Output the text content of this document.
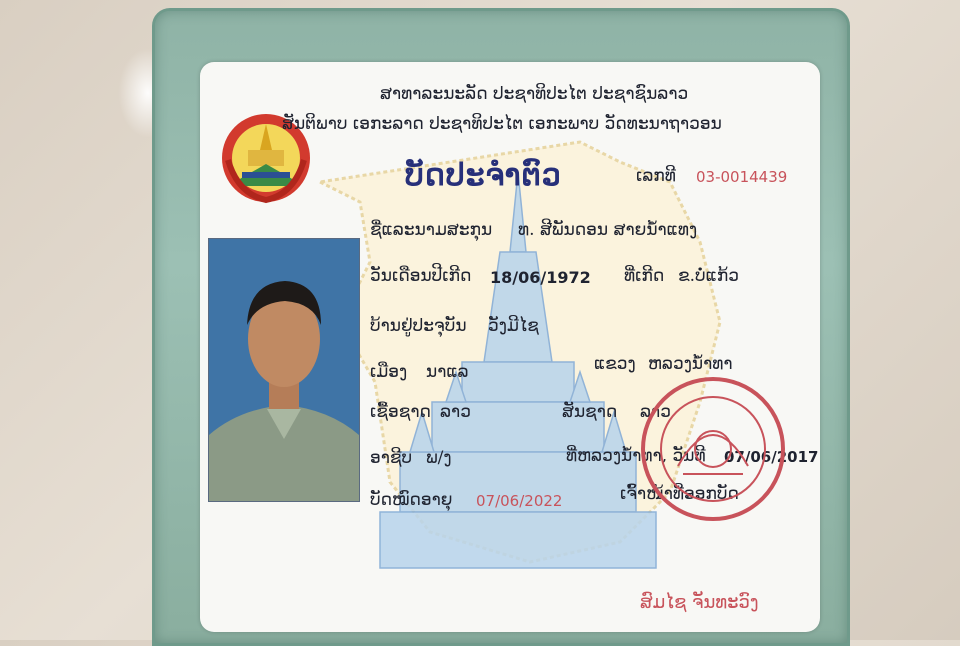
ສາທາລະນະລັດ ປະຊາທິປະໄຕ ປະຊາຊົນລາວ
ສັນຕິພາບ ເອກະລາດ ປະຊາທິປະໄຕ ເອກະພາບ ວັດທະນາຖາວອນ
ບັດປະຈຳຕົວ	ເລກທີ 03-0014439
ຊື່ແລະນາມສະກຸນ ທ. ສີພັນດອນ ສາຍນ້ຳແທງ
ວັນເດືອນປີເກີດ 18/06/1972 ທີ່ເກີດ ຂ.ບໍ່ແກ້ວ
ບ້ານຢູ່ປະຈຸບັນ ວັງມີໄຊ
ເມືອງ ນາແລ	ແຂວງ ຫລວງນ້ຳທາ
ເຊື້ອຊາດ ລາວ	ສັນຊາດ ລາວ
ອາຊີບ ພ/ງ	ທີ່ຫລວງນ້ຳທາ, ວັນທີ 07/06/2017
ບັດໝົດອາຍຸ 07/06/2022	ເຈົ້າໜ້າທີ່ອອກບັດ
ສົມໄຊ ຈັນທະວົງ
